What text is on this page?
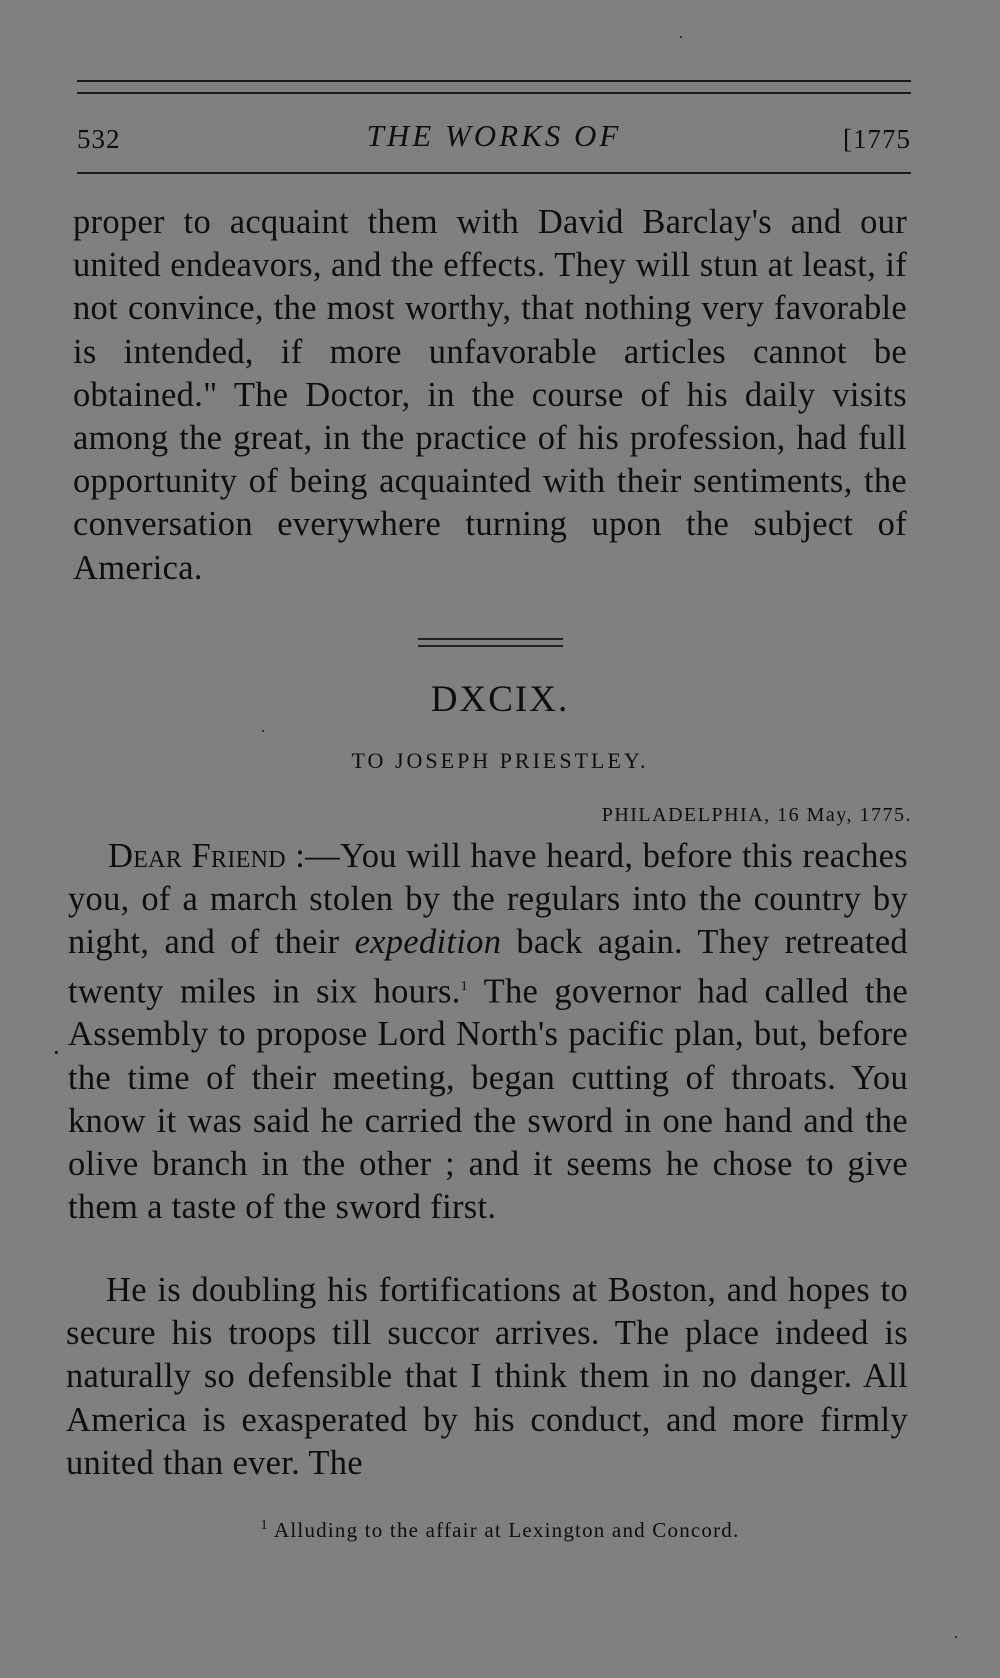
532	THE WORKS OF	[1775

proper to acquaint them with David Barclay's and our united endeavors, and the effects. They will stun at least, if not convince, the most worthy, that nothing very favorable is intended, if more unfavorable articles cannot be obtained." The Doctor, in the course of his daily visits among the great, in the practice of his profession, had full opportunity of being acquainted with their sentiments, the conversation everywhere turning upon the subject of America.

DXCIX.
TO JOSEPH PRIESTLEY.
PHILADELPHIA, 16 May, 1775.

Dear Friend :—You will have heard, before this reaches you, of a march stolen by the regulars into the country by night, and of their expedition back again. They retreated twenty miles in six hours.$^1$ The governor had called the Assembly to propose Lord North's pacific plan, but, before the time of their meeting, began cutting of throats. You know it was said he carried the sword in one hand and the olive branch in the other ; and it seems he chose to give them a taste of the sword first.

·

He is doubling his fortifications at Boston, and hopes to secure his troops till succor arrives. The place indeed is naturally so defensible that I think them in no danger. All America is exasperated by his conduct, and more firmly united than ever. The

$^1$ Alluding to the affair at Lexington and Concord.
